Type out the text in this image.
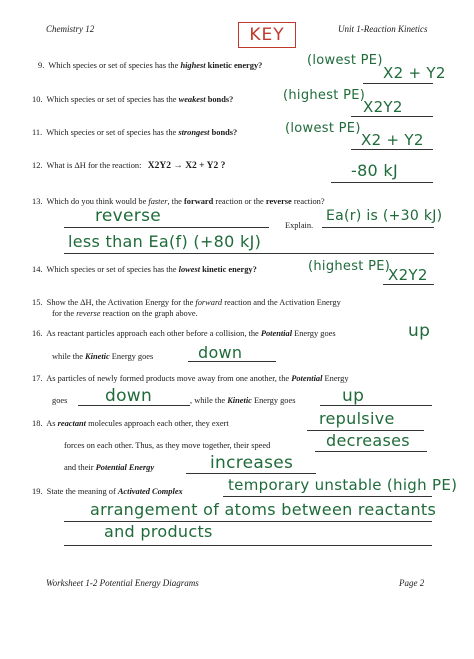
Chemistry 12	KEY	Unit 1-Reaction Kinetics
9. Which species or set of species has the highest kinetic energy?	(lowest PE)
X2 + Y2
10. Which species or set of species has the weakest bonds?	(highest PE)
X2Y2
11. Which species or set of species has the strongest bonds?	(lowest PE)
X2 + Y2
12. What is ΔH for the reaction: X2Y2 → X2 + Y2 ?	-80 kJ
13. Which do you think would be faster, the forward reaction or the reverse reaction?
reverse	Explain.
Ea(r) is (+30 kJ)
less than Ea(f) (+80 kJ)
14. Which species or set of species has the lowest kinetic energy?	(highest PE)
X2Y2
15. Show the ΔH, the Activation Energy for the forward reaction and the Activation Energy
for the reverse reaction on the graph above.
16. As reactant particles approach each other before a collision, the Potential Energy goes	up
while the Kinetic Energy goes	down
17. As particles of newly formed products move away from one another, the Potential Energy
goes down	, while the Kinetic Energy goes	up
18. As reactant molecules approach each other, they exert	repulsive
forces on each other. Thus, as they move together, their speed	decreases
and their Potential Energy	increases
19. State the meaning of Activated Complex	temporary unstable (high PE)
arrangement of atoms between reactants
and products
Worksheet 1-2 Potential Energy Diagrams	Page 2
